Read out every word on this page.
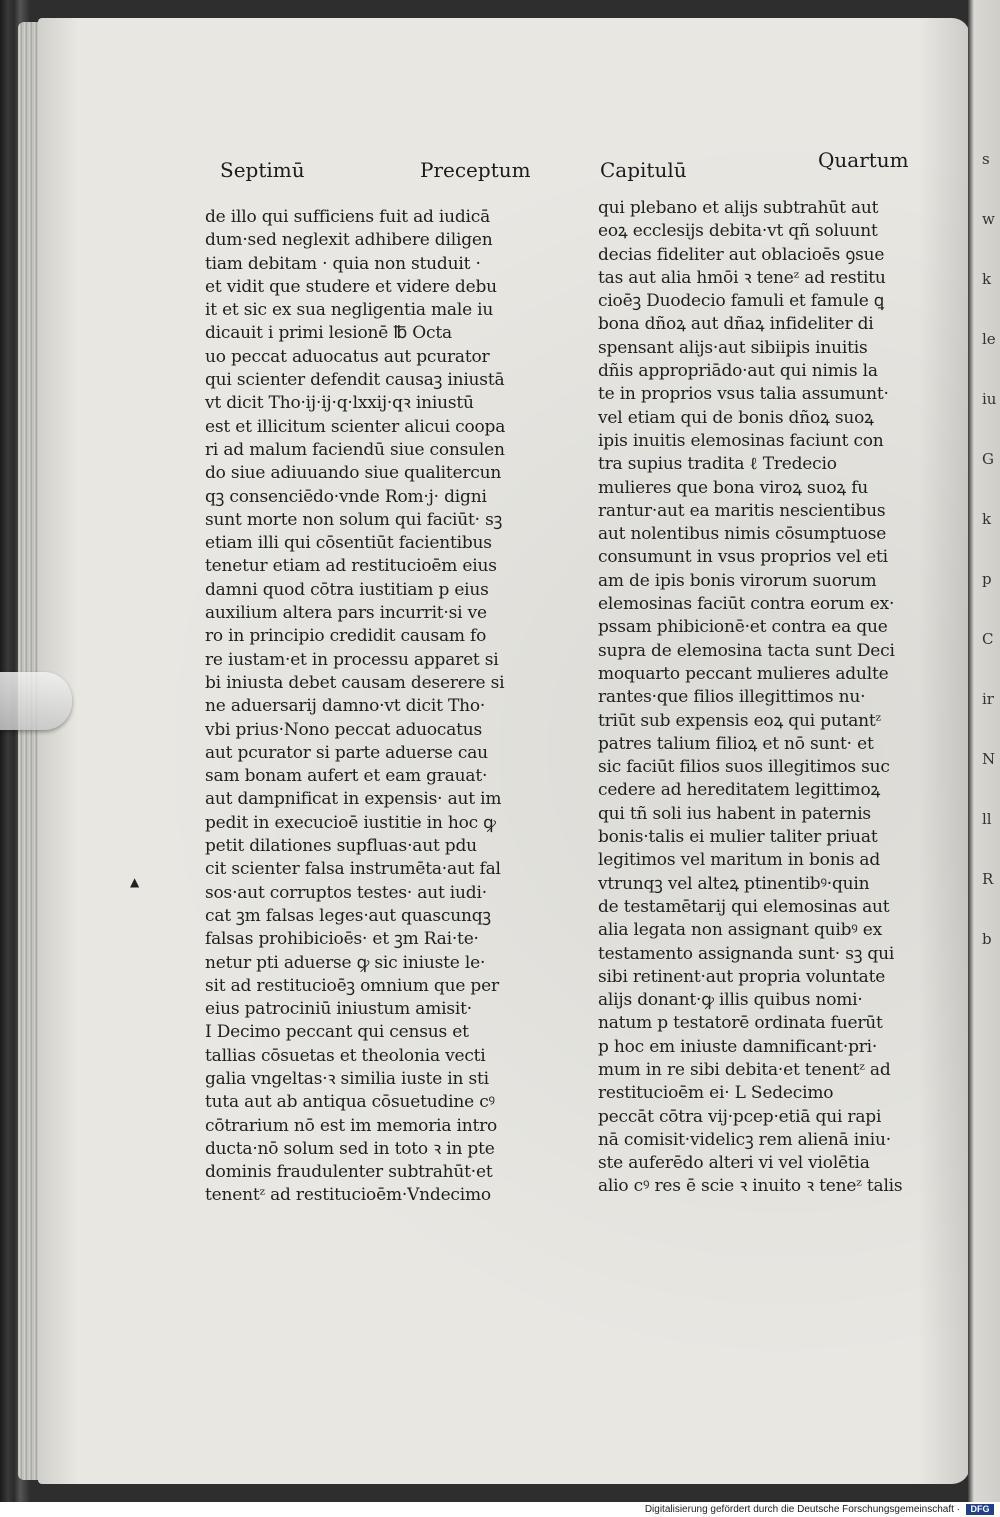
s
w
k
le
iu
G
k
p
C
ir
N
ll
R
b
Septimū	Preceptum	Capitulū	Quartum
de illo qui sufficiens fuit ad iudicā
dum·sed neglexit adhibere diligen
tiam debitam · quia non studuit ·
et vidit que studere et videre debu
it et sic ex sua negligentia male iu
dicauit i primi lesionē ℔ Octa
uo peccat aduocatus aut pcurator
qui scienter defendit causaꝫ iniustā
vt dicit Tho·ij·ij·q·lxxij·qꝛ iniustū
est et illicitum scienter alicui coopa
ri ad malum faciendū siue consulen
do siue adiuuando siue qualitercun
qꝫ consenciēdo·vnde Rom·j· digni
sunt morte non solum qui faciūt· sꝫ
etiam illi qui cōsentiūt facientibus
tenetur etiam ad restitucioēm eius
damni quod cōtra iustitiam p eius
auxilium altera pars incurrit·si ve
ro in principio credidit causam fo
re iustam·et in processu apparet si
bi iniusta debet causam deserere si
ne aduersarij damno·vt dicit Tho·
vbi prius·Nono peccat aduocatus
aut pcurator si parte aduerse cau
sam bonam aufert et eam grauat·
aut dampnificat in expensis· aut im
pedit in execucioē iustitie in hoc ꝙ
petit dilationes supfluas·aut pdu
cit scienter falsa instrumēta·aut fal
sos·aut corruptos testes· aut iudi·
cat ꝫm falsas leges·aut quascunqꝫ
falsas prohibicioēs· et ꝫm Rai·te·
netur pti aduerse ꝙ sic iniuste le·
sit ad restitucioēꝫ omnium que per
eius patrociniū iniustum amisit·
I Decimo peccant qui census et
tallias cōsuetas et theolonia vecti
galia vngeltas·ꝛ similia iuste in sti
tuta aut ab antiqua cōsuetudine cꝰ
cōtrarium nō est im memoria intro
ducta·nō solum sed in toto ꝛ in pte
dominis fraudulenter subtrahūt·et
tenentᶻ ad restitucioēm·Vndecimo
qui plebano et alijs subtrahūt aut
eoꝝ ecclesijs debita·vt qñ soluunt
decias fideliter aut oblacioēs ꝯsue
tas aut alia hmōi ꝛ teneᶻ ad restitu
cioēꝫ Duodecio famuli et famule ꝗ
bona dñoꝝ aut dñaꝝ infideliter di
spensant alijs·aut sibiipis inuitis
dñis appropriādo·aut qui nimis la
te in proprios vsus talia assumunt·
vel etiam qui de bonis dñoꝝ suoꝝ
ipis inuitis elemosinas faciunt con
tra supius tradita ℓ Tredecio
mulieres que bona viroꝝ suoꝝ fu
rantur·aut ea maritis nescientibus
aut nolentibus nimis cōsumptuose
consumunt in vsus proprios vel eti
am de ipis bonis virorum suorum
elemosinas faciūt contra eorum ex·
pssam phibicionē·et contra ea que
supra de elemosina tacta sunt Deci
moquarto peccant mulieres adulte
rantes·que filios illegittimos nu·
triūt sub expensis eoꝝ qui putantᶻ
patres talium filioꝝ et nō sunt· et
sic faciūt filios suos illegitimos suc
cedere ad hereditatem legittimoꝝ
qui tñ soli ius habent in paternis
bonis·talis ei mulier taliter priuat
legitimos vel maritum in bonis ad
vtrunqꝫ vel alteꝝ ptinentibꝰ·quin
de testamētarij qui elemosinas aut
alia legata non assignant quibꝰ ex
testamento assignanda sunt· sꝫ qui
sibi retinent·aut propria voluntate
alijs donant·ꝙ illis quibus nomi·
natum p testatorē ordinata fuerūt
p hoc em iniuste damnificant·pri·
mum in re sibi debita·et tenentᶻ ad
restitucioēm ei· L Sedecimo
peccāt cōtra vij·pcep·etiā qui rapi
nā comisit·videlicꝫ rem alienā iniu·
ste auferēdo alteri vi vel violētia
alio cꝰ res ē scie ꝛ inuito ꝛ teneᶻ talis
▲
Digitalisierung gefördert durch die Deutsche Forschungsgemeinschaft ·	DFG
